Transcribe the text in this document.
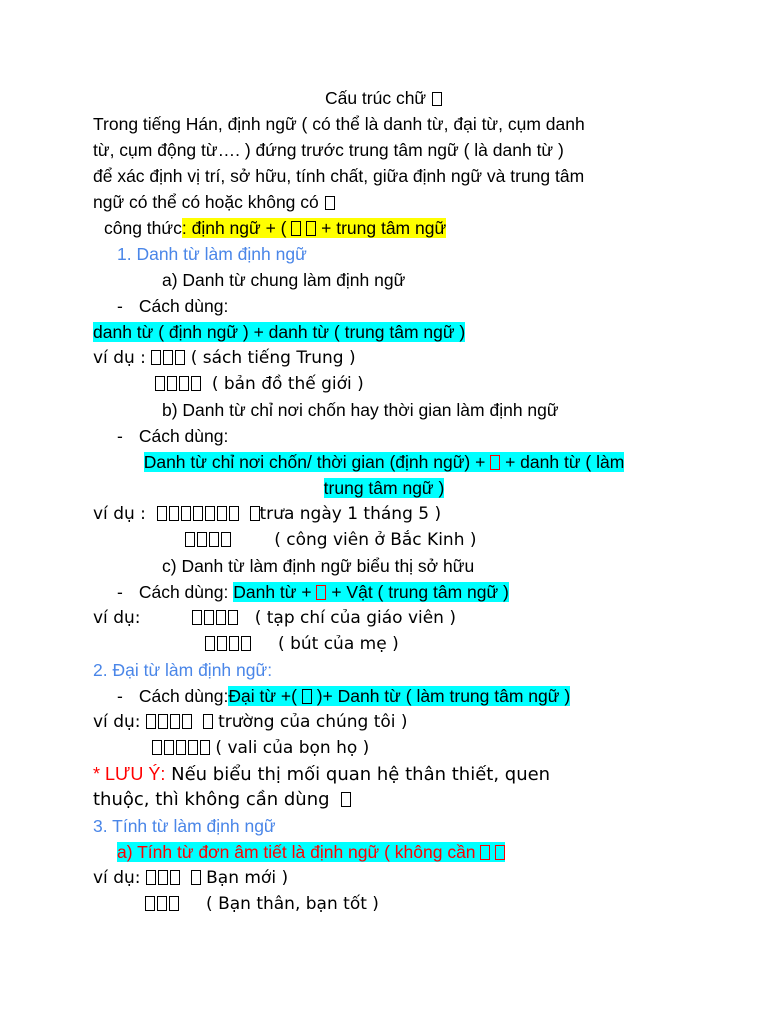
Cấu trúc chữ
Trong tiếng Hán, định ngữ ( có thể là danh từ, đại từ, cụm danh
từ, cụm động từ…. ) đứng trước trung tâm ngữ ( là danh từ )
để xác định vị trí, sở hữu, tính chất, giữa định ngữ và trung tâm
ngữ có thể có hoặc không có
công thức: định ngữ + (
+ trung tâm ngữ
1. Danh từ làm định ngữ
a) Danh từ chung làm định ngữ
- Cách dùng:
danh từ ( định ngữ ) + danh từ ( trung tâm ngữ )
ví dụ :	( sách tiếng Trung )
( bản đồ thế giới )
b) Danh từ chỉ nơi chốn hay thời gian làm định ngữ
- Cách dùng:
Danh từ chỉ nơi chốn/ thời gian (định ngữ) + + danh từ ( làm
trung tâm ngữ )
ví dụ :
	trưa ngày 1 tháng 5 )
( công viên ở Bắc Kinh )
c) Danh từ làm định ngữ biểu thị sở hữu
- Cách dùng: Danh từ + + Vật ( trung tâm ngữ )
ví dụ:	( tạp chí của giáo viên )
( bút của mẹ )
2. Đại từ làm định ngữ:
- Cách dùng:Đại từ +( )+ Danh từ ( làm trung tâm ngữ )
ví dụ:
	trường của chúng tôi )
( vali của bọn họ )
* LƯU Ý: Nếu biểu thị mối quan hệ thân thiết, quen
thuộc, thì không cần dùng
3. Tính từ làm định ngữ
a) Tính từ đơn âm tiết là định ngữ ( không cần

ví dụ:
	Bạn mới )
( Bạn thân, bạn tốt )
